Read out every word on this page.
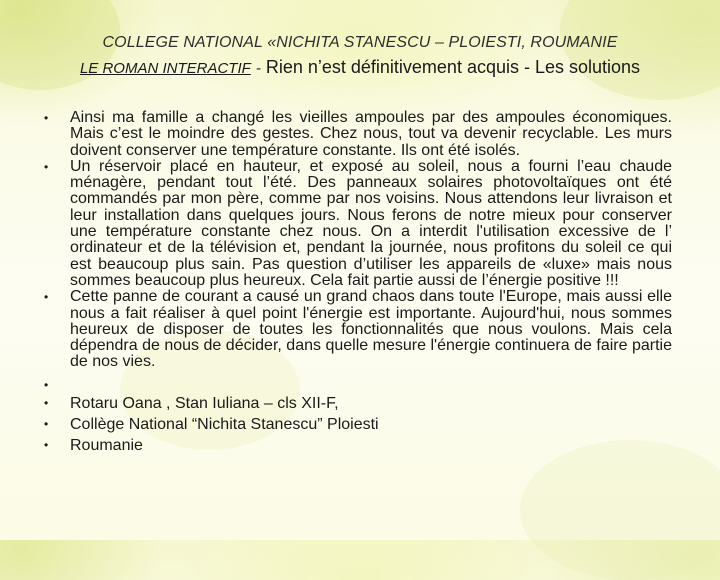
COLLEGE NATIONAL «NICHITA STANESCU – PLOIESTI, ROUMANIE
LE ROMAN INTERACTIF - Rien n’est définitivement acquis - Les solutions
• Ainsi ma famille a changé les vieilles ampoules par des ampoules économiques. Mais c’est le moindre des gestes. Chez nous, tout va devenir recyclable. Les murs doivent conserver une température constante. Ils ont été isolés.
• Un réservoir placé en hauteur, et exposé au soleil, nous a fourni l’eau chaude ménagère, pendant tout l’été. Des panneaux solaires photovoltaïques ont été commandés par mon père, comme par nos voisins. Nous attendons leur livraison et leur installation dans quelques jours. Nous ferons de notre mieux pour conserver une température constante chez nous. On a interdit l'utilisation excessive de l’ ordinateur et de la télévision et, pendant la journée, nous profitons du soleil ce qui est beaucoup plus sain. Pas question d’utiliser les appareils de «luxe» mais nous sommes beaucoup plus heureux. Cela fait partie aussi de l’énergie positive !!!
• Cette panne de courant a causé un grand chaos dans toute l'Europe, mais aussi elle nous a fait réaliser à quel point l'énergie est importante. Aujourd'hui, nous sommes heureux de disposer de toutes les fonctionnalités que nous voulons. Mais cela dépendra de nous de décider, dans quelle mesure l'énergie continuera de faire partie de nos vies.
•
• Rotaru Oana , Stan Iuliana – cls XII-F,
• Collège National “Nichita Stanescu” Ploiesti
• Roumanie
